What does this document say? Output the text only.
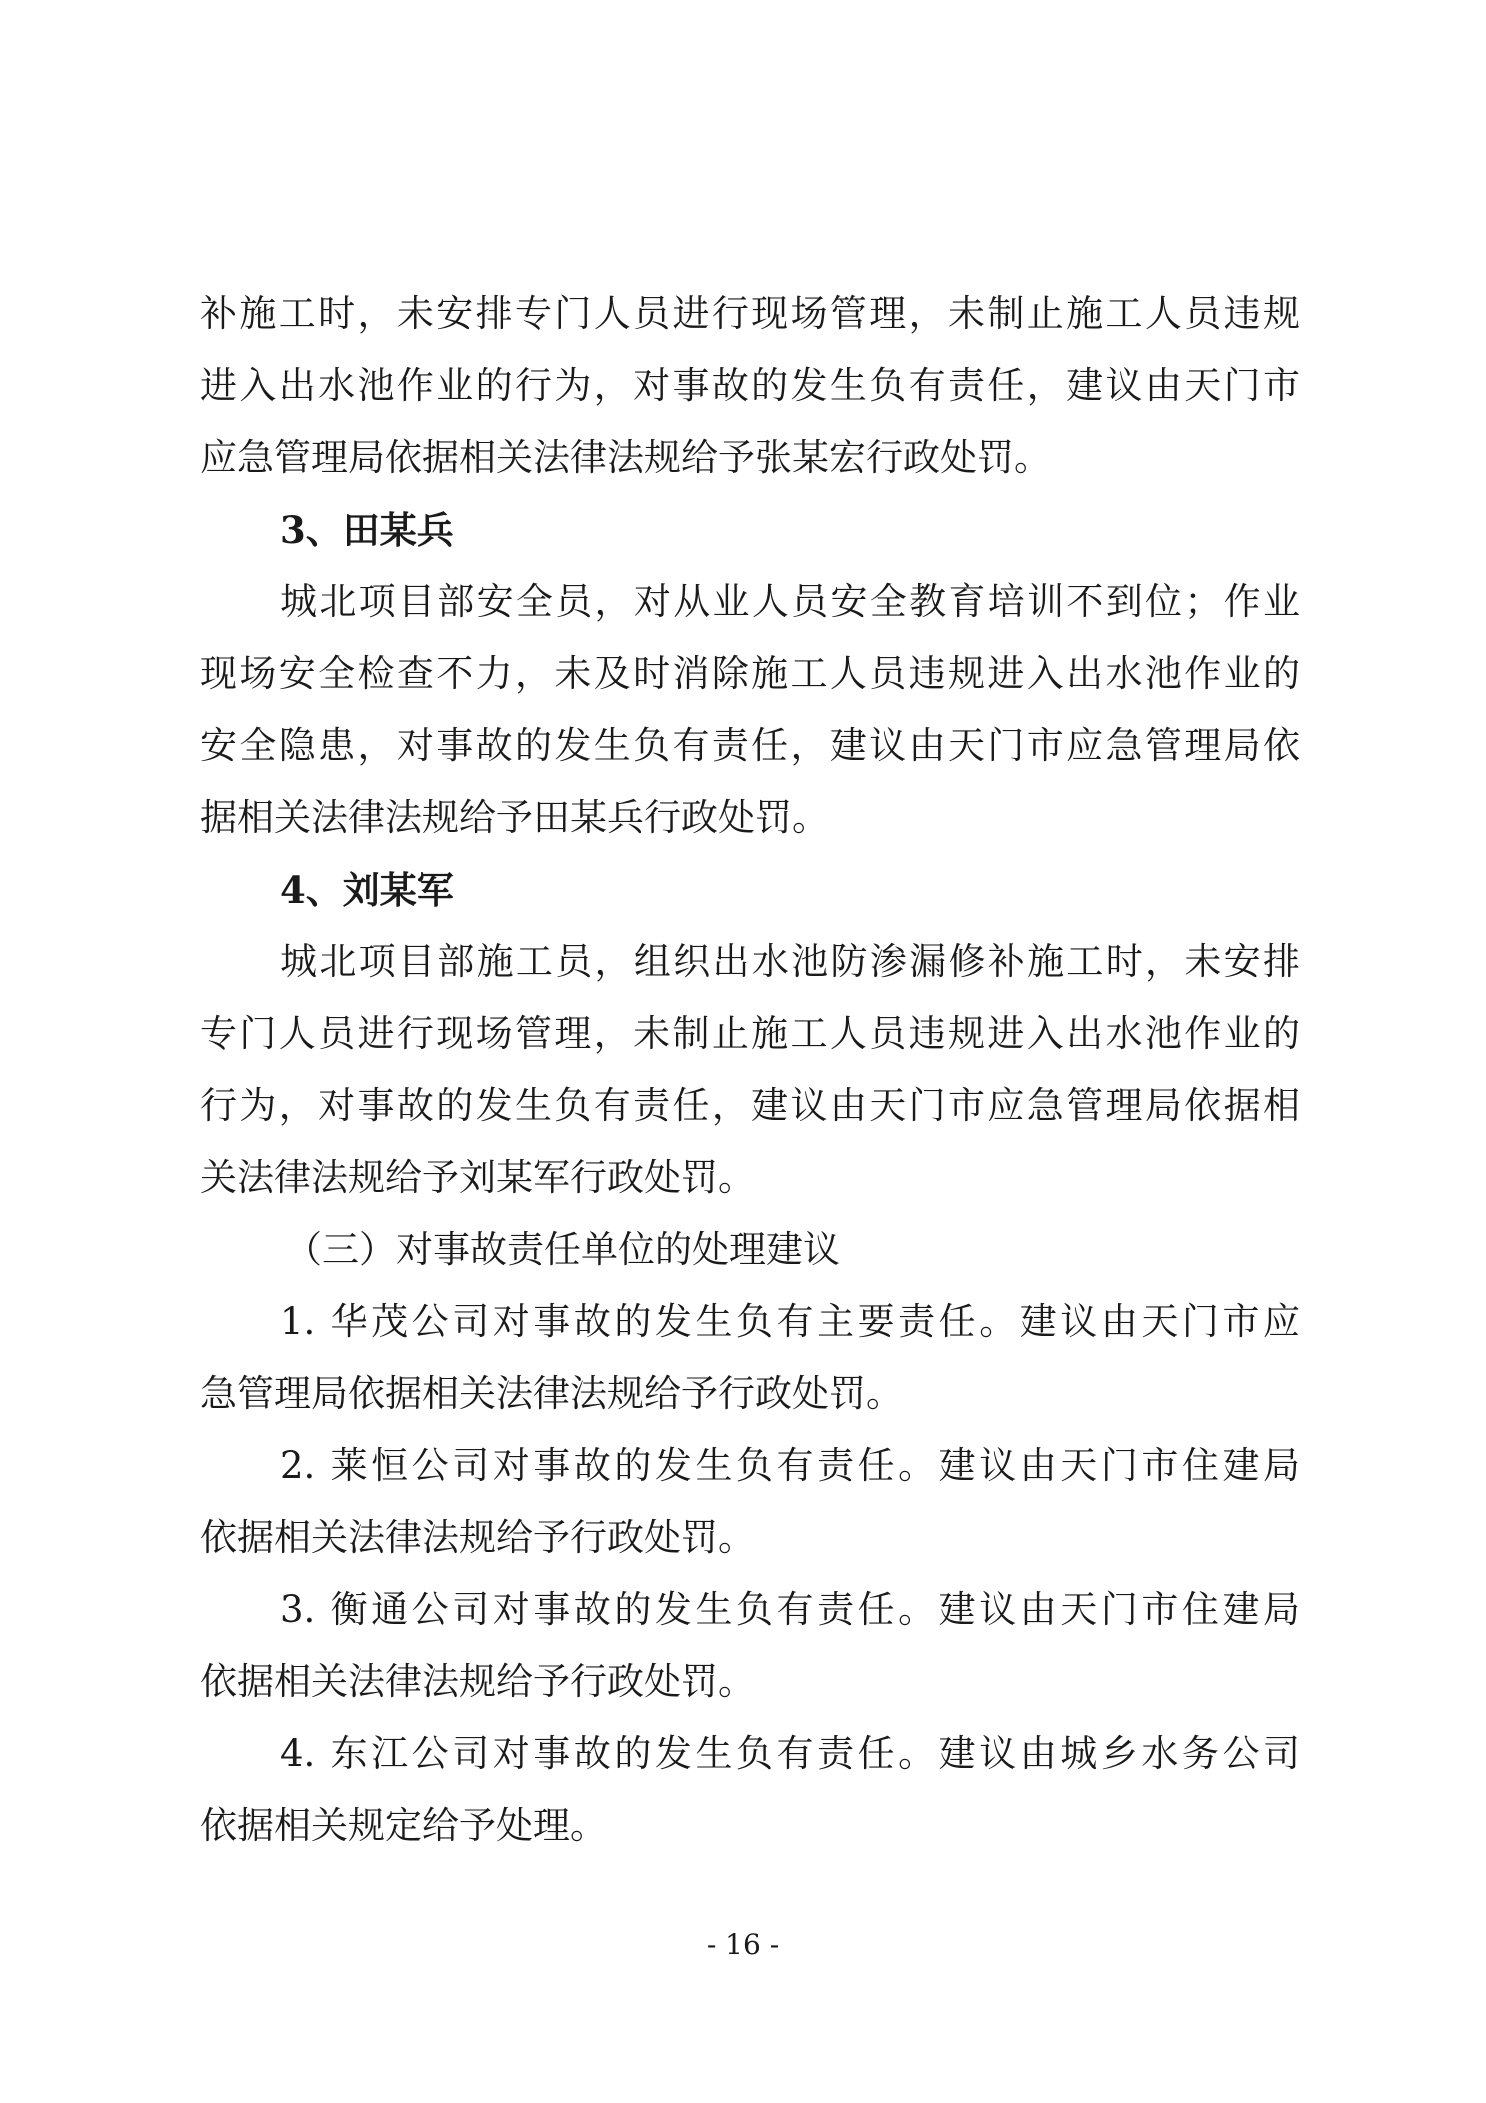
补施工时，未安排专门人员进行现场管理，未制止施工人员违规
进入出水池作业的行为，对事故的发生负有责任，建议由天门市
应急管理局依据相关法律法规给予张某宏行政处罚。
3、田某兵
城北项目部安全员，对从业人员安全教育培训不到位；作业
现场安全检查不力，未及时消除施工人员违规进入出水池作业的
安全隐患，对事故的发生负有责任，建议由天门市应急管理局依
据相关法律法规给予田某兵行政处罚。
4、刘某军
城北项目部施工员，组织出水池防渗漏修补施工时，未安排
专门人员进行现场管理，未制止施工人员违规进入出水池作业的
行为，对事故的发生负有责任，建议由天门市应急管理局依据相
关法律法规给予刘某军行政处罚。
（三）对事故责任单位的处理建议
1. 华茂公司对事故的发生负有主要责任。建议由天门市应
急管理局依据相关法律法规给予行政处罚。
2. 莱恒公司对事故的发生负有责任。建议由天门市住建局
依据相关法律法规给予行政处罚。
3. 衡通公司对事故的发生负有责任。建议由天门市住建局
依据相关法律法规给予行政处罚。
4. 东江公司对事故的发生负有责任。建议由城乡水务公司
依据相关规定给予处理。
- 16 -
